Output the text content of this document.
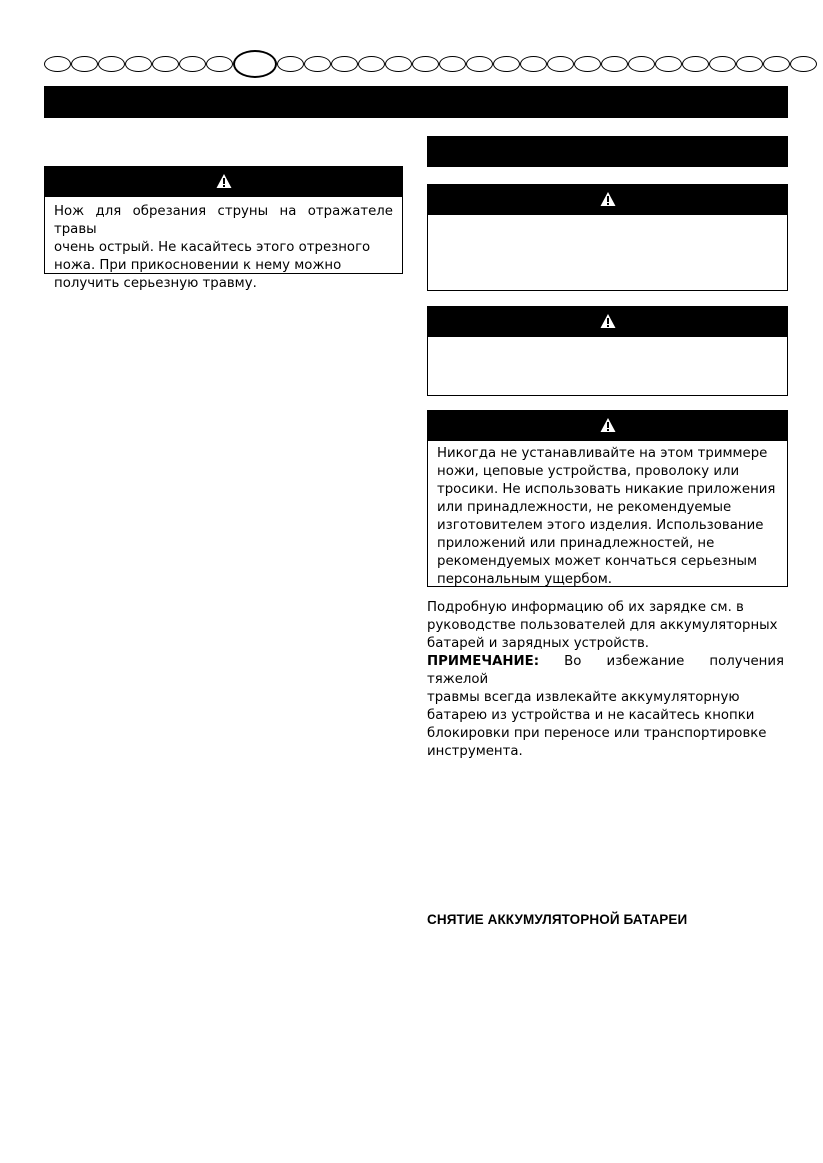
Нож для обрезания струны на отражателе травы
очень острый. Не касайтесь этого отрезного
ножа. При прикосновении к нему можно
получить серьезную травму.
Никогда не устанавливайте на этом триммере
ножи, цеповые устройства, проволоку или
тросики. Не использовать никакие приложения
или принадлежности, не рекомендуемые
изготовителем этого изделия. Использование
приложений или принадлежностей, не
рекомендуемых может кончаться серьезным
персональным ущербом.
Подробную информацию об их зарядке см. в
руководстве пользователей для аккумуляторных
батарей и зарядных устройств.
ПРИМЕЧАНИЕ: Во избежание получения тяжелой
травмы всегда извлекайте аккумуляторную
батарею из устройства и не касайтесь кнопки
блокировки при переносе или транспортировке
инструмента.
СНЯТИЕ АККУМУЛЯТОРНОЙ БАТАРЕИ
